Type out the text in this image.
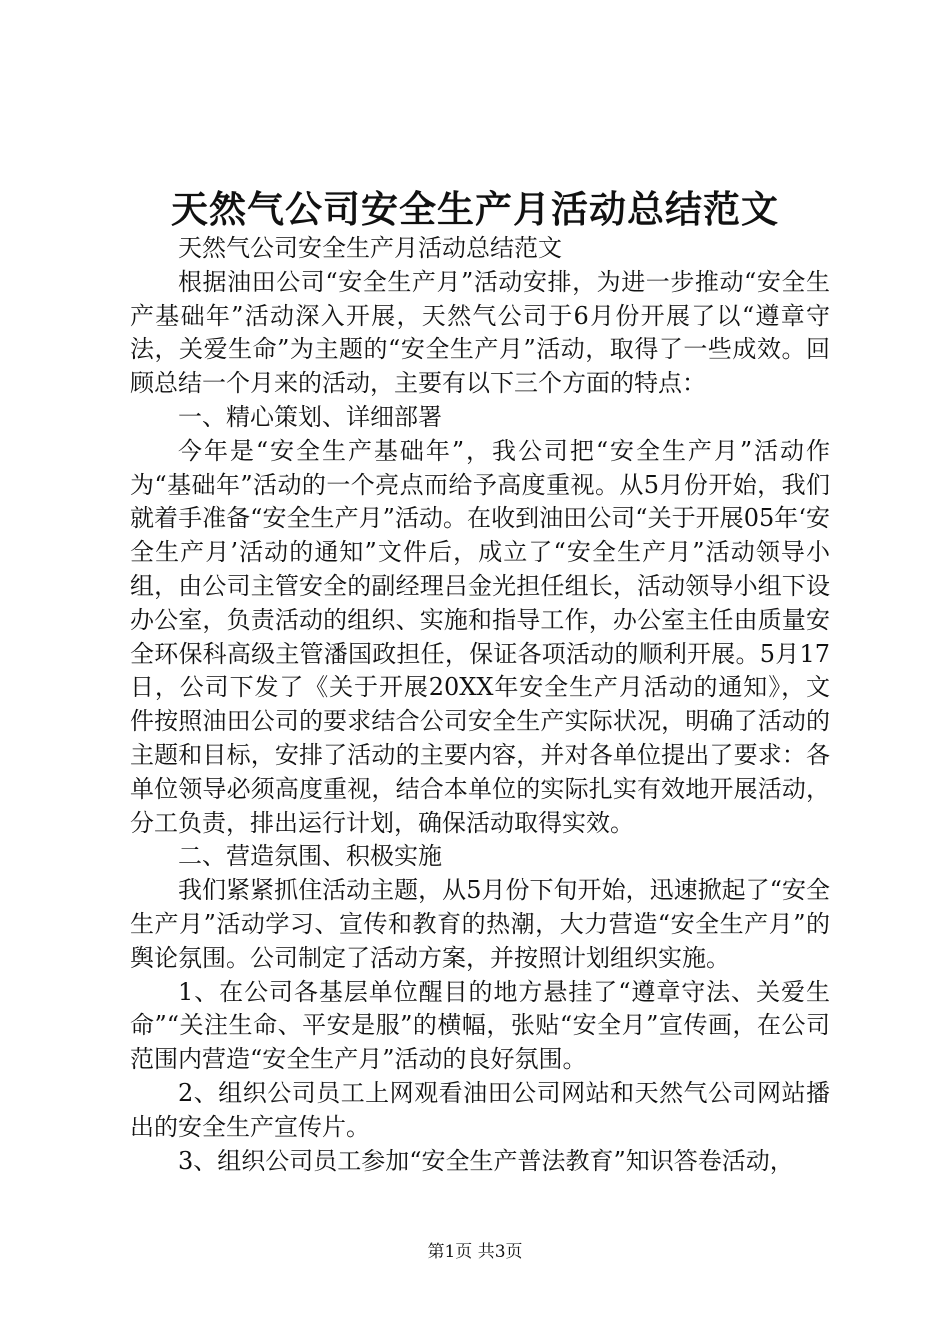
天然气公司安全生产月活动总结范文

天然气公司安全生产月活动总结范文

根据油田公司“安全生产月”活动安排，为进一步推动“安全生产基础年”活动深入开展，天然气公司于6月份开展了以“遵章守法，关爱生命”为主题的“安全生产月”活动，取得了一些成效。回顾总结一个月来的活动，主要有以下三个方面的特点：

一、精心策划、详细部署

今年是“安全生产基础年”，我公司把“安全生产月”活动作为“基础年”活动的一个亮点而给予高度重视。从5月份开始，我们就着手准备“安全生产月”活动。在收到油田公司“关于开展05年‘安全生产月’活动的通知”文件后，成立了“安全生产月”活动领导小组，由公司主管安全的副经理吕金光担任组长，活动领导小组下设办公室，负责活动的组织、实施和指导工作，办公室主任由质量安全环保科高级主管潘国政担任，保证各项活动的顺利开展。5月17日，公司下发了《关于开展20XX年安全生产月活动的通知》，文件按照油田公司的要求结合公司安全生产实际状况，明确了活动的主题和目标，安排了活动的主要内容，并对各单位提出了要求：各单位领导必须高度重视，结合本单位的实际扎实有效地开展活动，分工负责，排出运行计划，确保活动取得实效。

二、营造氛围、积极实施

我们紧紧抓住活动主题，从5月份下旬开始，迅速掀起了“安全生产月”活动学习、宣传和教育的热潮，大力营造“安全生产月”的舆论氛围。公司制定了活动方案，并按照计划组织实施。

1、在公司各基层单位醒目的地方悬挂了“遵章守法、关爱生命”“关注生命、平安是服”的横幅，张贴“安全月”宣传画，在公司范围内营造“安全生产月”活动的良好氛围。

2、组织公司员工上网观看油田公司网站和天然气公司网站播出的安全生产宣传片。

3、组织公司员工参加“安全生产普法教育”知识答卷活动，

第1页 共3页
